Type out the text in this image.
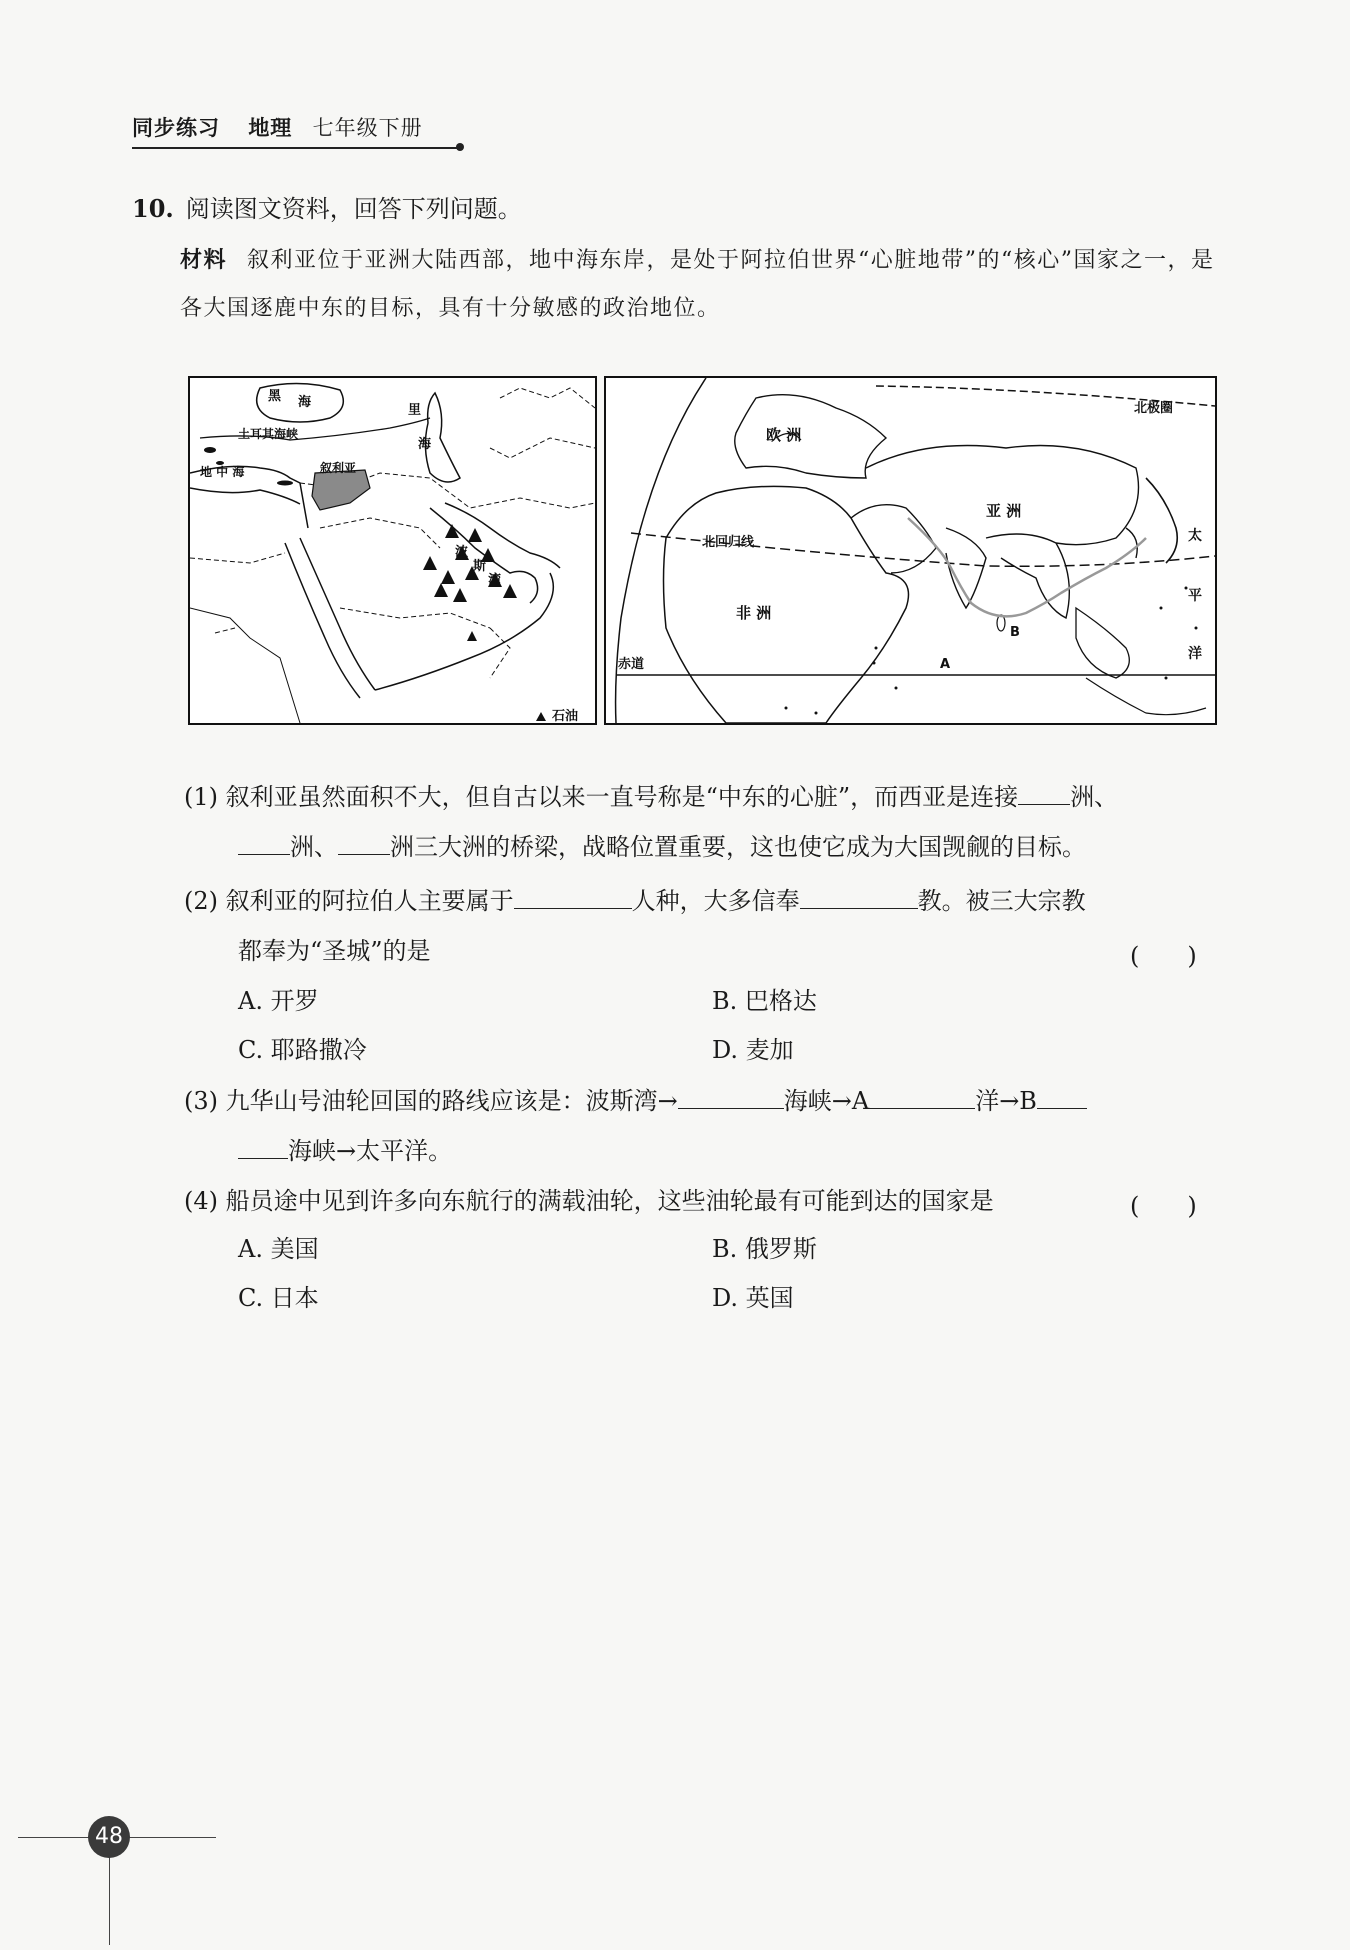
同步练习 地理 七年级下册
10. 阅读图文资料，回答下列问题。
材料 叙利亚位于亚洲大陆西部，地中海东岸，是处于阿拉伯世界“心脏地带”的“核心”国家之一，是各大国逐鹿中东的目标，具有十分敏感的政治地位。
黑 海
里
海
土耳其海峡
地 中 海	叙利亚
波
斯
湾
石油
北极圈
欧 洲
亚 洲
北回归线
非 洲
赤道
太
平
洋
A
B
(1) 叙利亚虽然面积不大，但自古以来一直号称是“中东的心脏”，而西亚是连接 洲、
洲、 洲三大洲的桥梁，战略位置重要，这也使它成为大国觊觎的目标。
(2) 叙利亚的阿拉伯人主要属于	人种，大多信奉	教。被三大宗教
都奉为“圣城”的是	(　　)
A. 开罗	B. 巴格达
C. 耶路撒冷	D. 麦加
(3) 九华山号油轮回国的路线应该是：波斯湾→	海峡→A	洋→B
海峡→太平洋。
(4) 船员途中见到许多向东航行的满载油轮，这些油轮最有可能到达的国家是	(　　)
A. 美国	B. 俄罗斯
C. 日本	D. 英国
48
